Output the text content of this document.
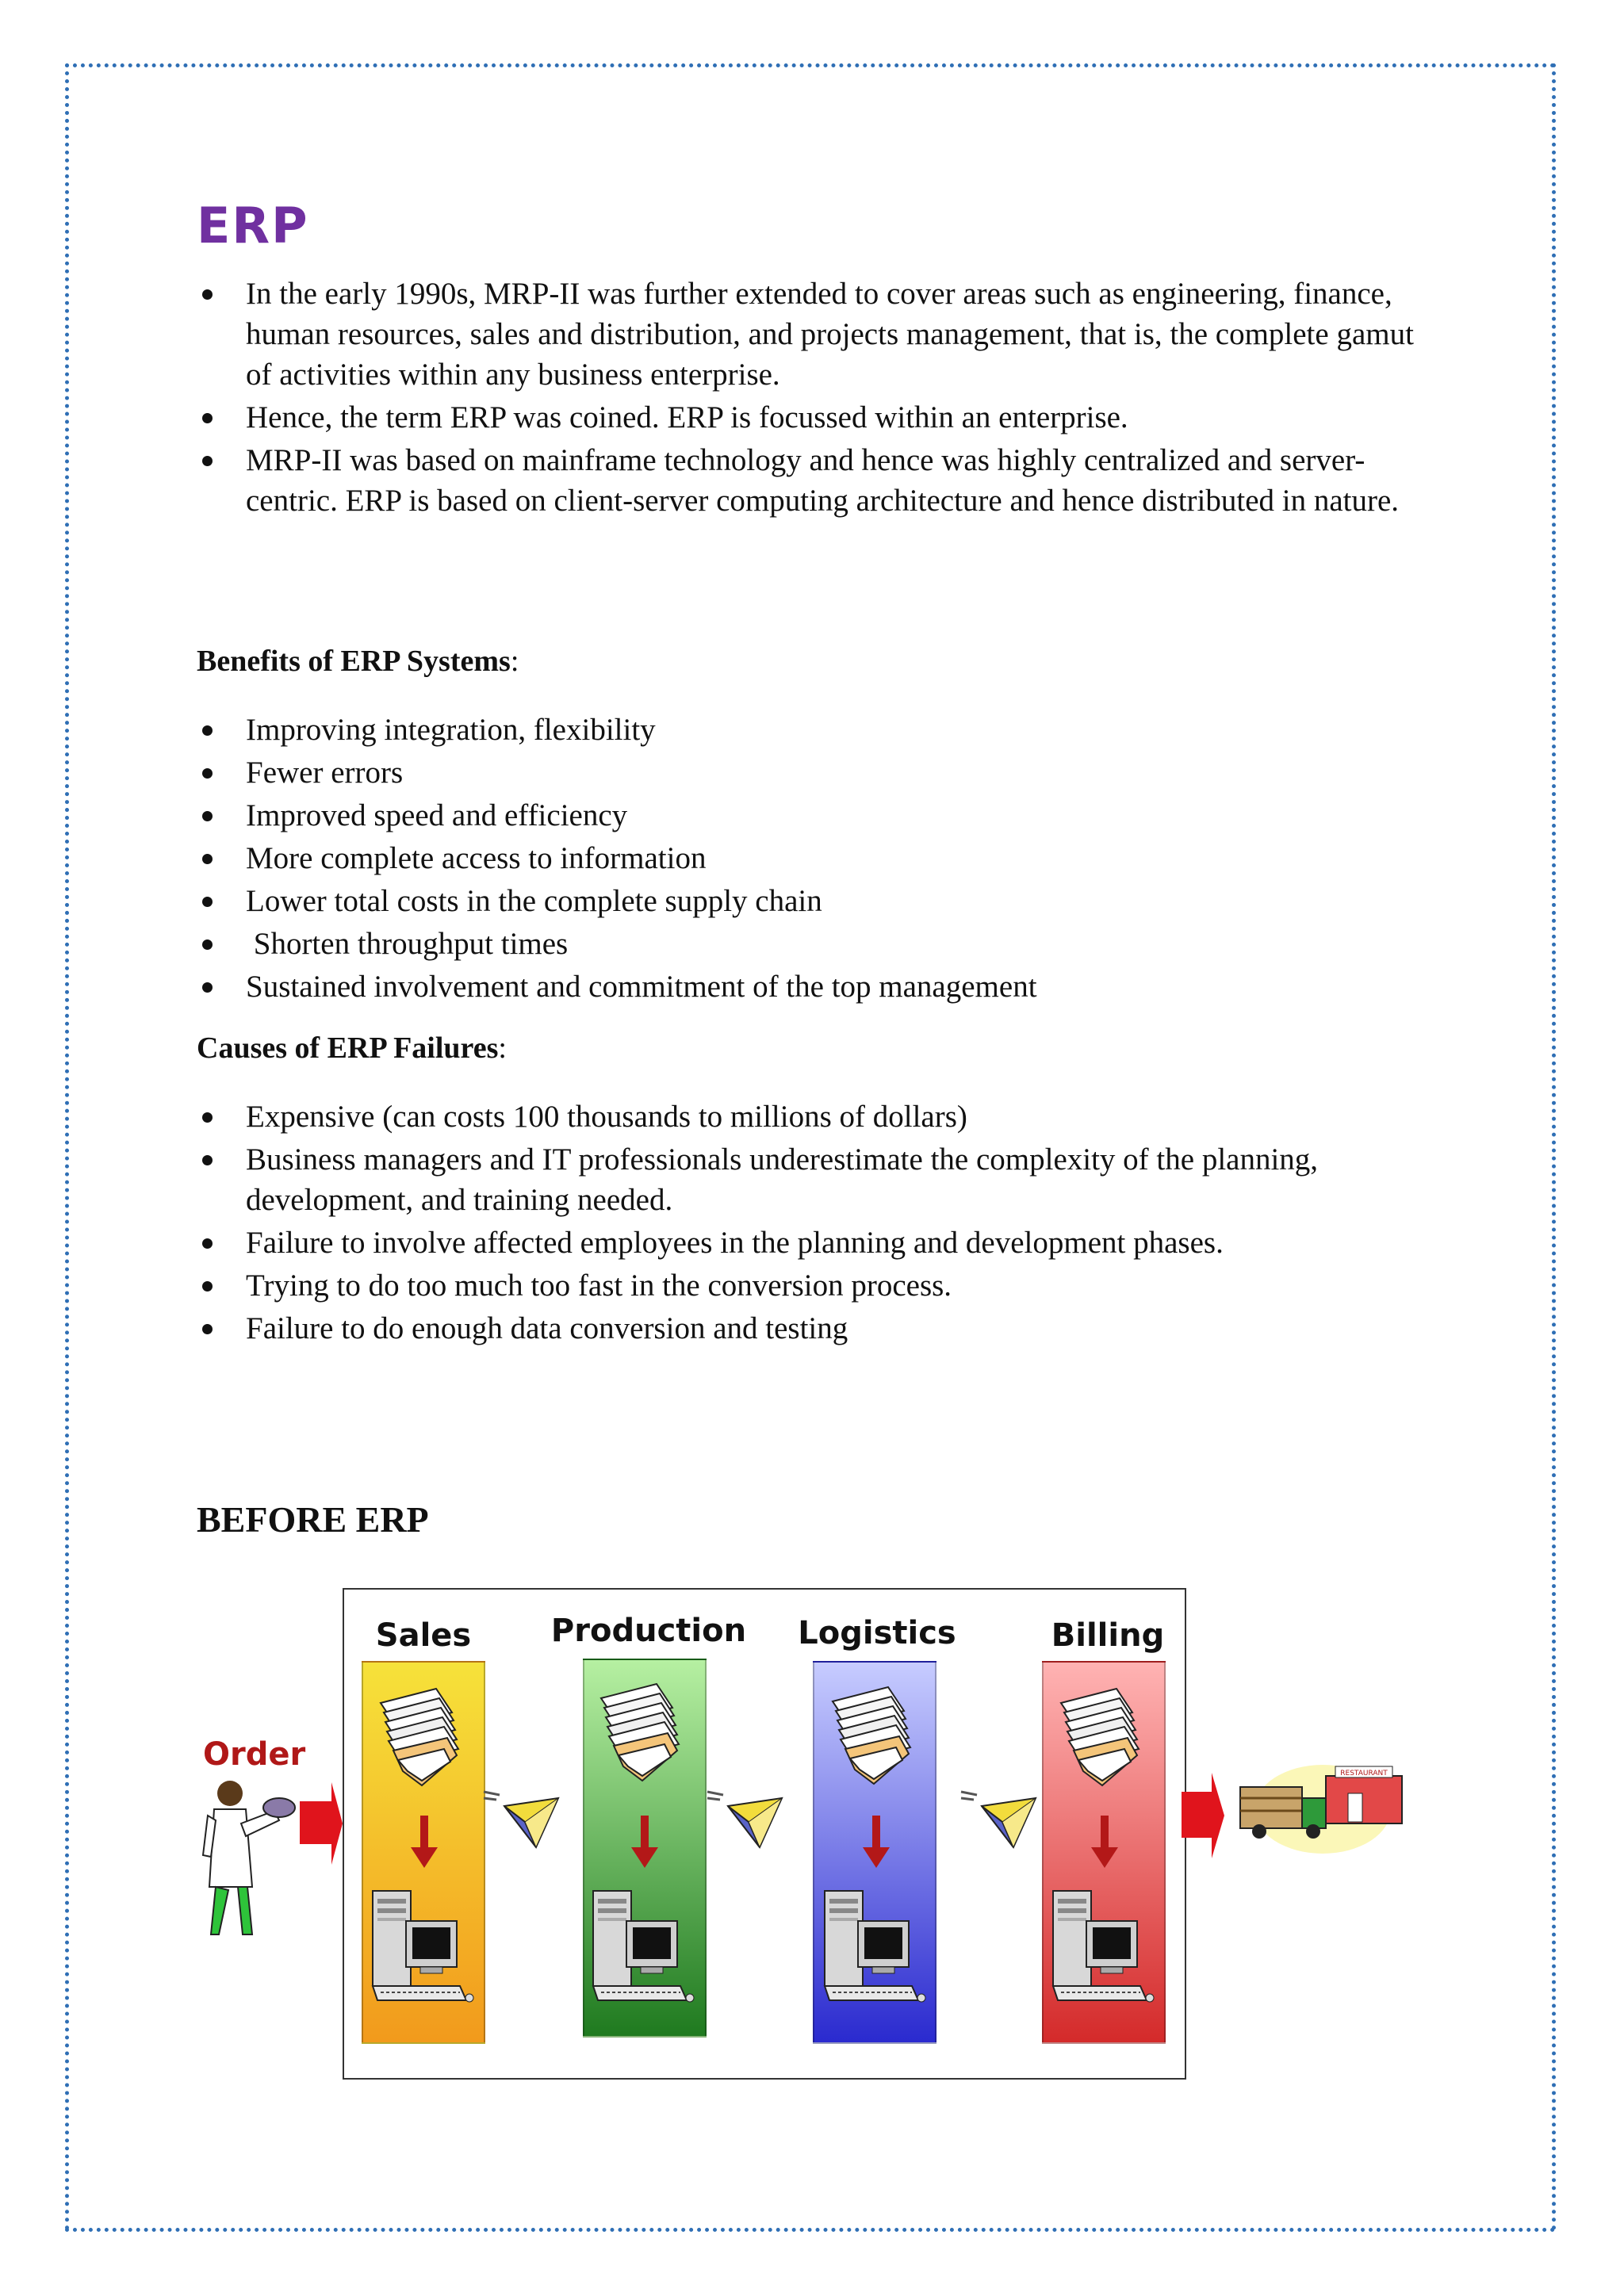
ERP
In the early 1990s, MRP-II was further extended to cover areas such as engineering, finance, human resources, sales and distribution, and projects management, that is, the complete gamut of activities within any business enterprise.
Hence, the term ERP was coined. ERP is focussed within an enterprise.
MRP-II was based on mainframe technology and hence was highly centralized and server-centric. ERP is based on client-server computing architecture and hence distributed in nature.

Benefits of ERP Systems:

Improving integration, flexibility
Fewer errors
Improved speed and efficiency
More complete access to information
Lower total costs in the complete supply chain
Shorten throughput times
Sustained involvement and commitment of the top management

Causes of ERP Failures:

Expensive (can costs 100 thousands to millions of dollars)
Business managers and IT professionals underestimate the complexity of the planning, development, and training needed.
Failure to involve affected employees in the planning and development phases.
Trying to do too much too fast in the conversion process.
Failure to do enough data conversion and testing
BEFORE ERP
Sales	Production Logistics	Billing
RESTAURANT
Order
